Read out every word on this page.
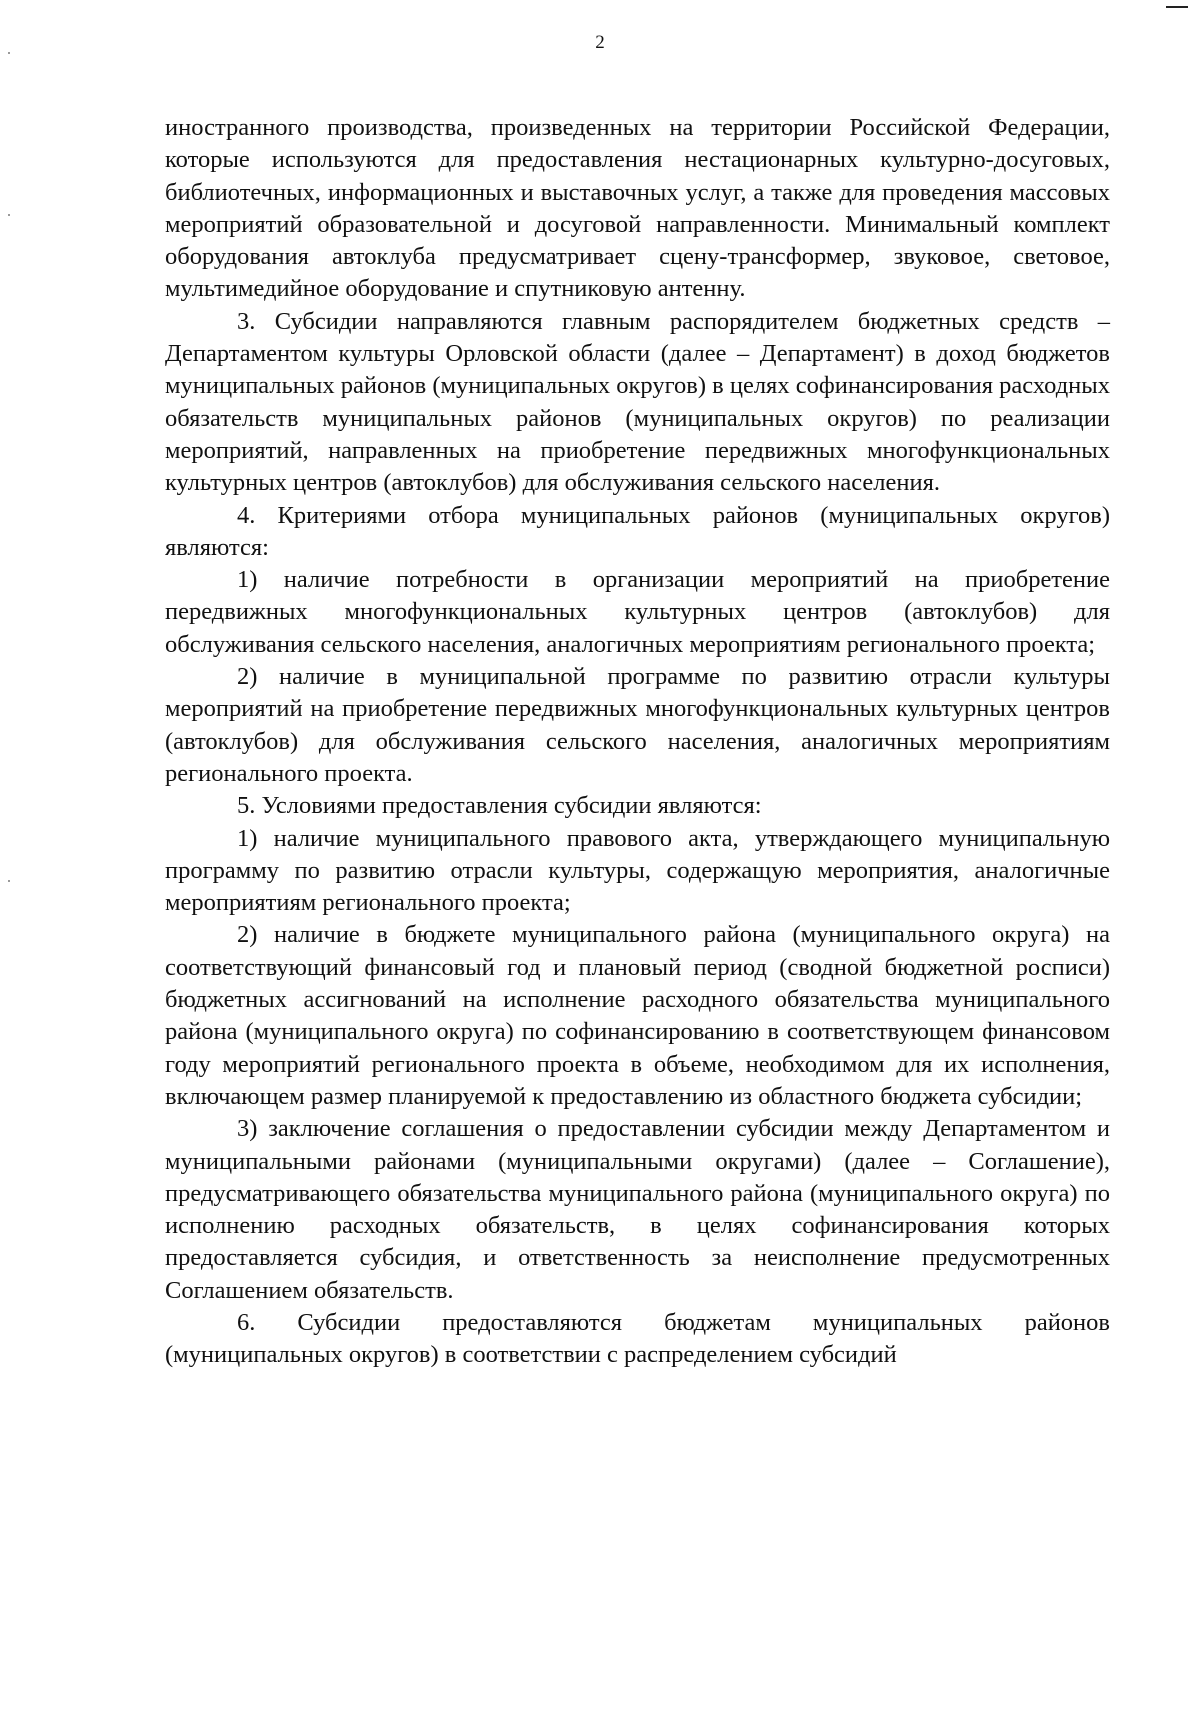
2

иностранного производства, произведенных на территории Российской Федерации, которые используются для предоставления нестационарных культурно-досуговых, библиотечных, информационных и выставочных услуг, а также для проведения массовых мероприятий образовательной и досуговой направленности. Минимальный комплект оборудования автоклуба предусматривает сцену-трансформер, звуковое, световое, мультимедийное оборудование и спутниковую антенну.

3. Субсидии направляются главным распорядителем бюджетных средств – Департаментом культуры Орловской области (далее – Департамент) в доход бюджетов муниципальных районов (муниципальных округов) в целях софинансирования расходных обязательств муниципальных районов (муниципальных округов) по реализации мероприятий, направленных на приобретение передвижных многофункциональных культурных центров (автоклубов) для обслуживания сельского населения.

4. Критериями отбора муниципальных районов (муниципальных округов) являются:

1) наличие потребности в организации мероприятий на приобретение передвижных многофункциональных культурных центров (автоклубов) для обслуживания сельского населения, аналогичных мероприятиям регионального проекта;

2) наличие в муниципальной программе по развитию отрасли культуры мероприятий на приобретение передвижных многофункциональных культурных центров (автоклубов) для обслуживания сельского населения, аналогичных мероприятиям регионального проекта.

5. Условиями предоставления субсидии являются:

1) наличие муниципального правового акта, утверждающего муниципальную программу по развитию отрасли культуры, содержащую мероприятия, аналогичные мероприятиям регионального проекта;

2) наличие в бюджете муниципального района (муниципального округа) на соответствующий финансовый год и плановый период (сводной бюджетной росписи) бюджетных ассигнований на исполнение расходного обязательства муниципального района (муниципального округа) по софинансированию в соответствующем финансовом году мероприятий регионального проекта в объеме, необходимом для их исполнения, включающем размер планируемой к предоставлению из областного бюджета субсидии;

3) заключение соглашения о предоставлении субсидии между Департаментом и муниципальными районами (муниципальными округами) (далее – Соглашение), предусматривающего обязательства муниципального района (муниципального округа) по исполнению расходных обязательств, в целях софинансирования которых предоставляется субсидия, и ответственность за неисполнение предусмотренных Соглашением обязательств.

6. Субсидии предоставляются бюджетам муниципальных районов (муниципальных округов) в соответствии с распределением субсидий
